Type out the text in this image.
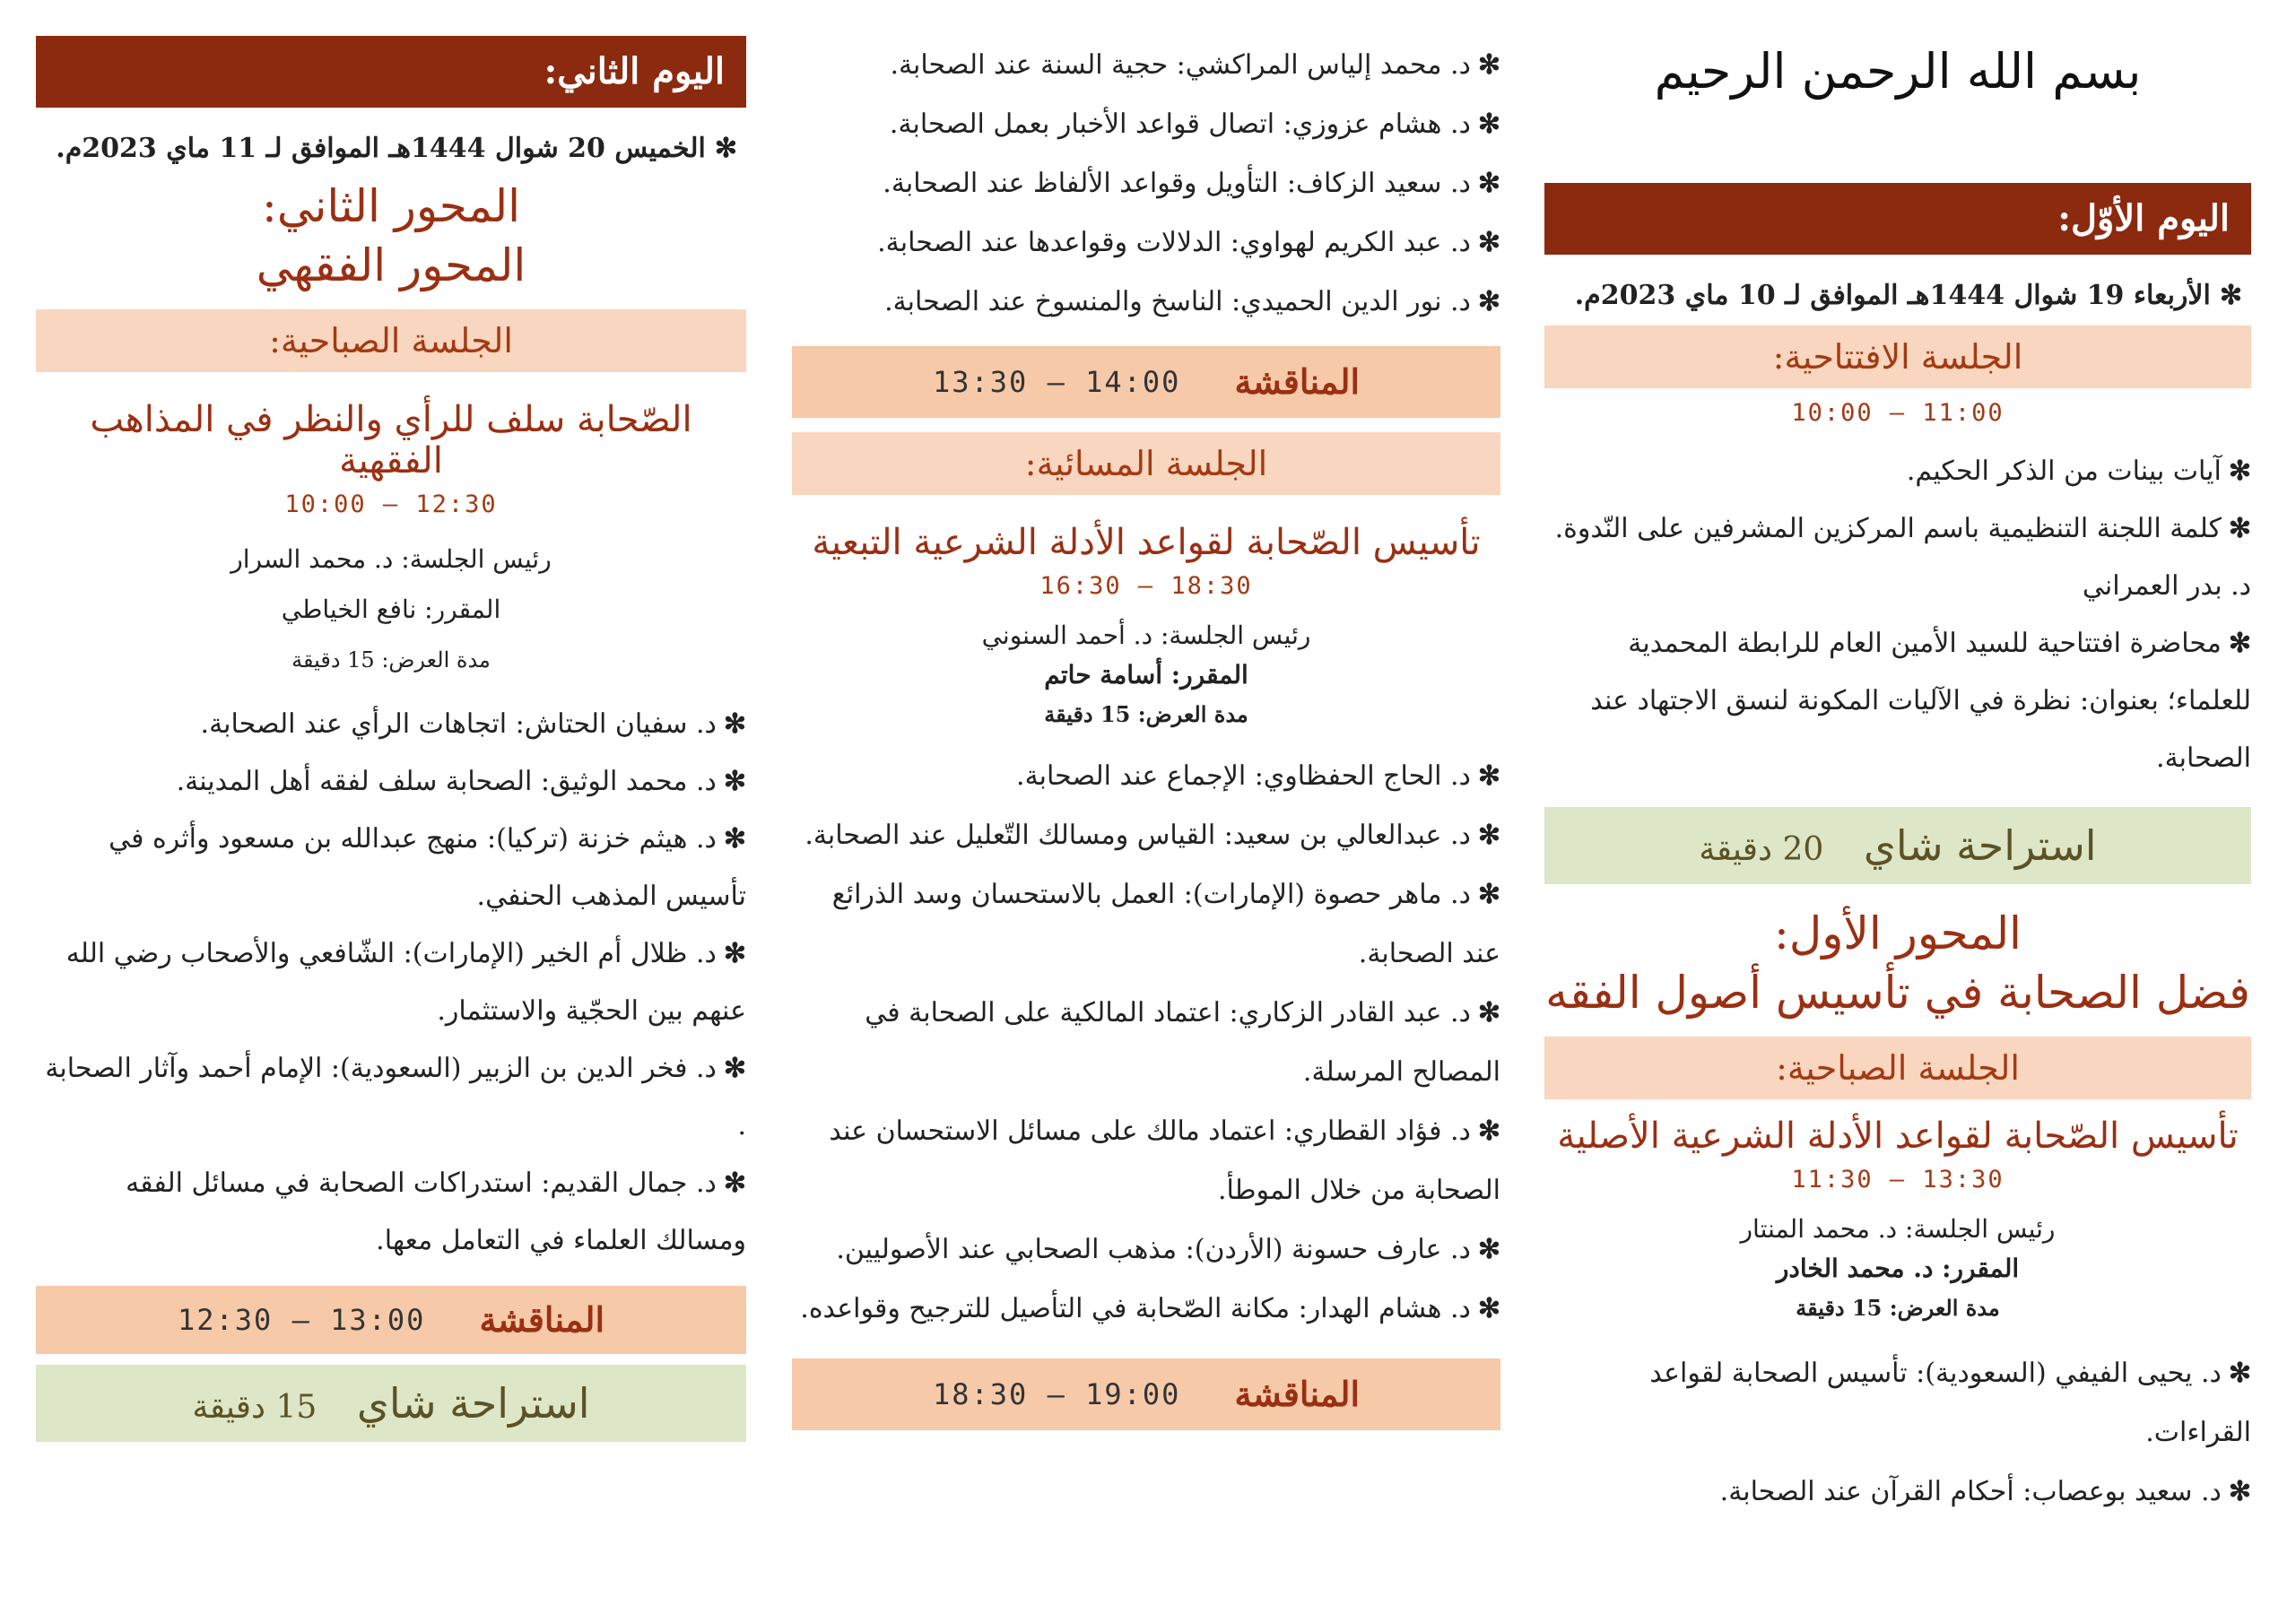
بسم الله الرحمن الرحيم
اليوم الأوّل:
✻الأربعاء 19 شوال 1444هـ الموافق لـ 10 ماي 2023م.
الجلسة الافتتاحية:
11:00 — 10:00
✻آيات بينات من الذكر الحكيم.
✻كلمة اللجنة التنظيمية باسم المركزين المشرفين على النّدوة. د. بدر العمراني
✻محاضرة افتتاحية للسيد الأمين العام للرابطة المحمدية للعلماء؛ بعنوان: نظرة في الآليات المكونة لنسق الاجتهاد عند الصحابة.
استراحة شاي 20 دقيقة
المحور الأول:
فضل الصحابة في تأسيس أصول الفقه
الجلسة الصباحية:
تأسيس الصّحابة لقواعد الأدلة الشرعية الأصلية
13:30 — 11:30
رئيس الجلسة: د. محمد المنتار
المقرر: د. محمد الخادر
مدة العرض: 15 دقيقة
✻د. يحيى الفيفي (السعودية): تأسيس الصحابة لقواعد القراءات.
✻د. سعيد بوعصاب: أحكام القرآن عند الصحابة.
✻د. محمد إلياس المراكشي: حجية السنة عند الصحابة.
✻د. هشام عزوزي: اتصال قواعد الأخبار بعمل الصحابة.
✻د. سعيد الزكاف: التأويل وقواعد الألفاظ عند الصحابة.
✻د. عبد الكريم لهواوي: الدلالات وقواعدها عند الصحابة.
✻د. نور الدين الحميدي: الناسخ والمنسوخ عند الصحابة.
المناقشة
14:00 — 13:30
الجلسة المسائية:
تأسيس الصّحابة لقواعد الأدلة الشرعية التبعية
18:30 — 16:30
رئيس الجلسة: د. أحمد السنوني
المقرر: أسامة حاتم
مدة العرض: 15 دقيقة
✻د. الحاج الحفظاوي: الإجماع عند الصحابة.
✻د. عبدالعالي بن سعيد: القياس ومسالك التّعليل عند الصحابة.
✻د. ماهر حصوة (الإمارات): العمل بالاستحسان وسد الذرائع عند الصحابة.
✻د. عبد القادر الزكاري: اعتماد المالكية على الصحابة في المصالح المرسلة.
✻د. فؤاد القطاري: اعتماد مالك على مسائل الاستحسان عند الصحابة من خلال الموطأ.
✻د. عارف حسونة (الأردن): مذهب الصحابي عند الأصوليين.
✻د. هشام الهدار: مكانة الصّحابة في التأصيل للترجيح وقواعده.
المناقشة
19:00 — 18:30
اليوم الثاني:
✻الخميس 20 شوال 1444هـ الموافق لـ 11 ماي 2023م.
المحور الثاني:
المحور الفقهي
الجلسة الصباحية:
الصّحابة سلف للرأي والنظر في المذاهب الفقهية
12:30 — 10:00
رئيس الجلسة: د. محمد السرار
المقرر: نافع الخياطي
مدة العرض: 15 دقيقة
✻د. سفيان الحتاش: اتجاهات الرأي عند الصحابة.
✻د. محمد الوثيق: الصحابة سلف لفقه أهل المدينة.
✻د. هيثم خزنة (تركيا): منهج عبدالله بن مسعود وأثره في تأسيس المذهب الحنفي.
✻د. ظلال أم الخير (الإمارات): الشّافعي والأصحاب رضي الله عنهم بين الحجّية والاستثمار.
✻د. فخر الدين بن الزبير (السعودية): الإمام أحمد وآثار الصحابة .
✻د. جمال القديم: استدراكات الصحابة في مسائل الفقه ومسالك العلماء في التعامل معها.
المناقشة
13:00 — 12:30
استراحة شاي 15 دقيقة
